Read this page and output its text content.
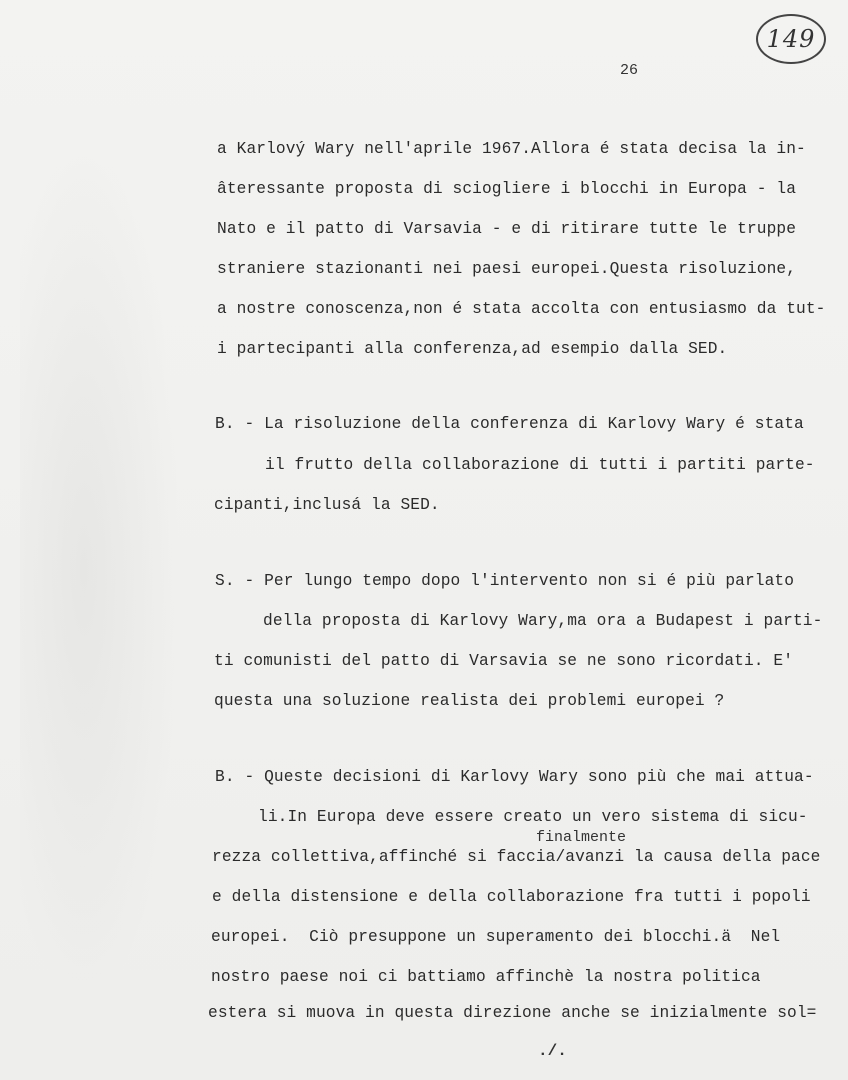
149
26
a Karlový Wary nell'aprile 1967.Allora é stata decisa la in-
âteressante proposta di sciogliere i blocchi in Europa - la
Nato e il patto di Varsavia - e di ritirare tutte le truppe
straniere stazionanti nei paesi europei.Questa risoluzione,
a nostre conoscenza,non é stata accolta con entusiasmo da tut-
i partecipanti alla conferenza,ad esempio dalla SED.
B. - La risoluzione della conferenza di Karlovy Wary é stata
il frutto della collaborazione di tutti i partiti parte-
cipanti,inclusá la SED.
S. - Per lungo tempo dopo l'intervento non si é più parlato
della proposta di Karlovy Wary,ma ora a Budapest i parti-
ti comunisti del patto di Varsavia se ne sono ricordati. E'
questa una soluzione realista dei problemi europei ?
B. - Queste decisioni di Karlovy Wary sono più che mai attua-
li.In Europa deve essere creato un vero sistema di sicu-
finalmente
rezza collettiva,affinché si faccia/avanzi la causa della pace
e della distensione e della collaborazione fra tutti i popoli
europei.  Ciò presuppone un superamento dei blocchi.ä  Nel
nostro paese noi ci battiamo affinchè la nostra politica
estera si muova in questa direzione anche se inizialmente sol=
./.
